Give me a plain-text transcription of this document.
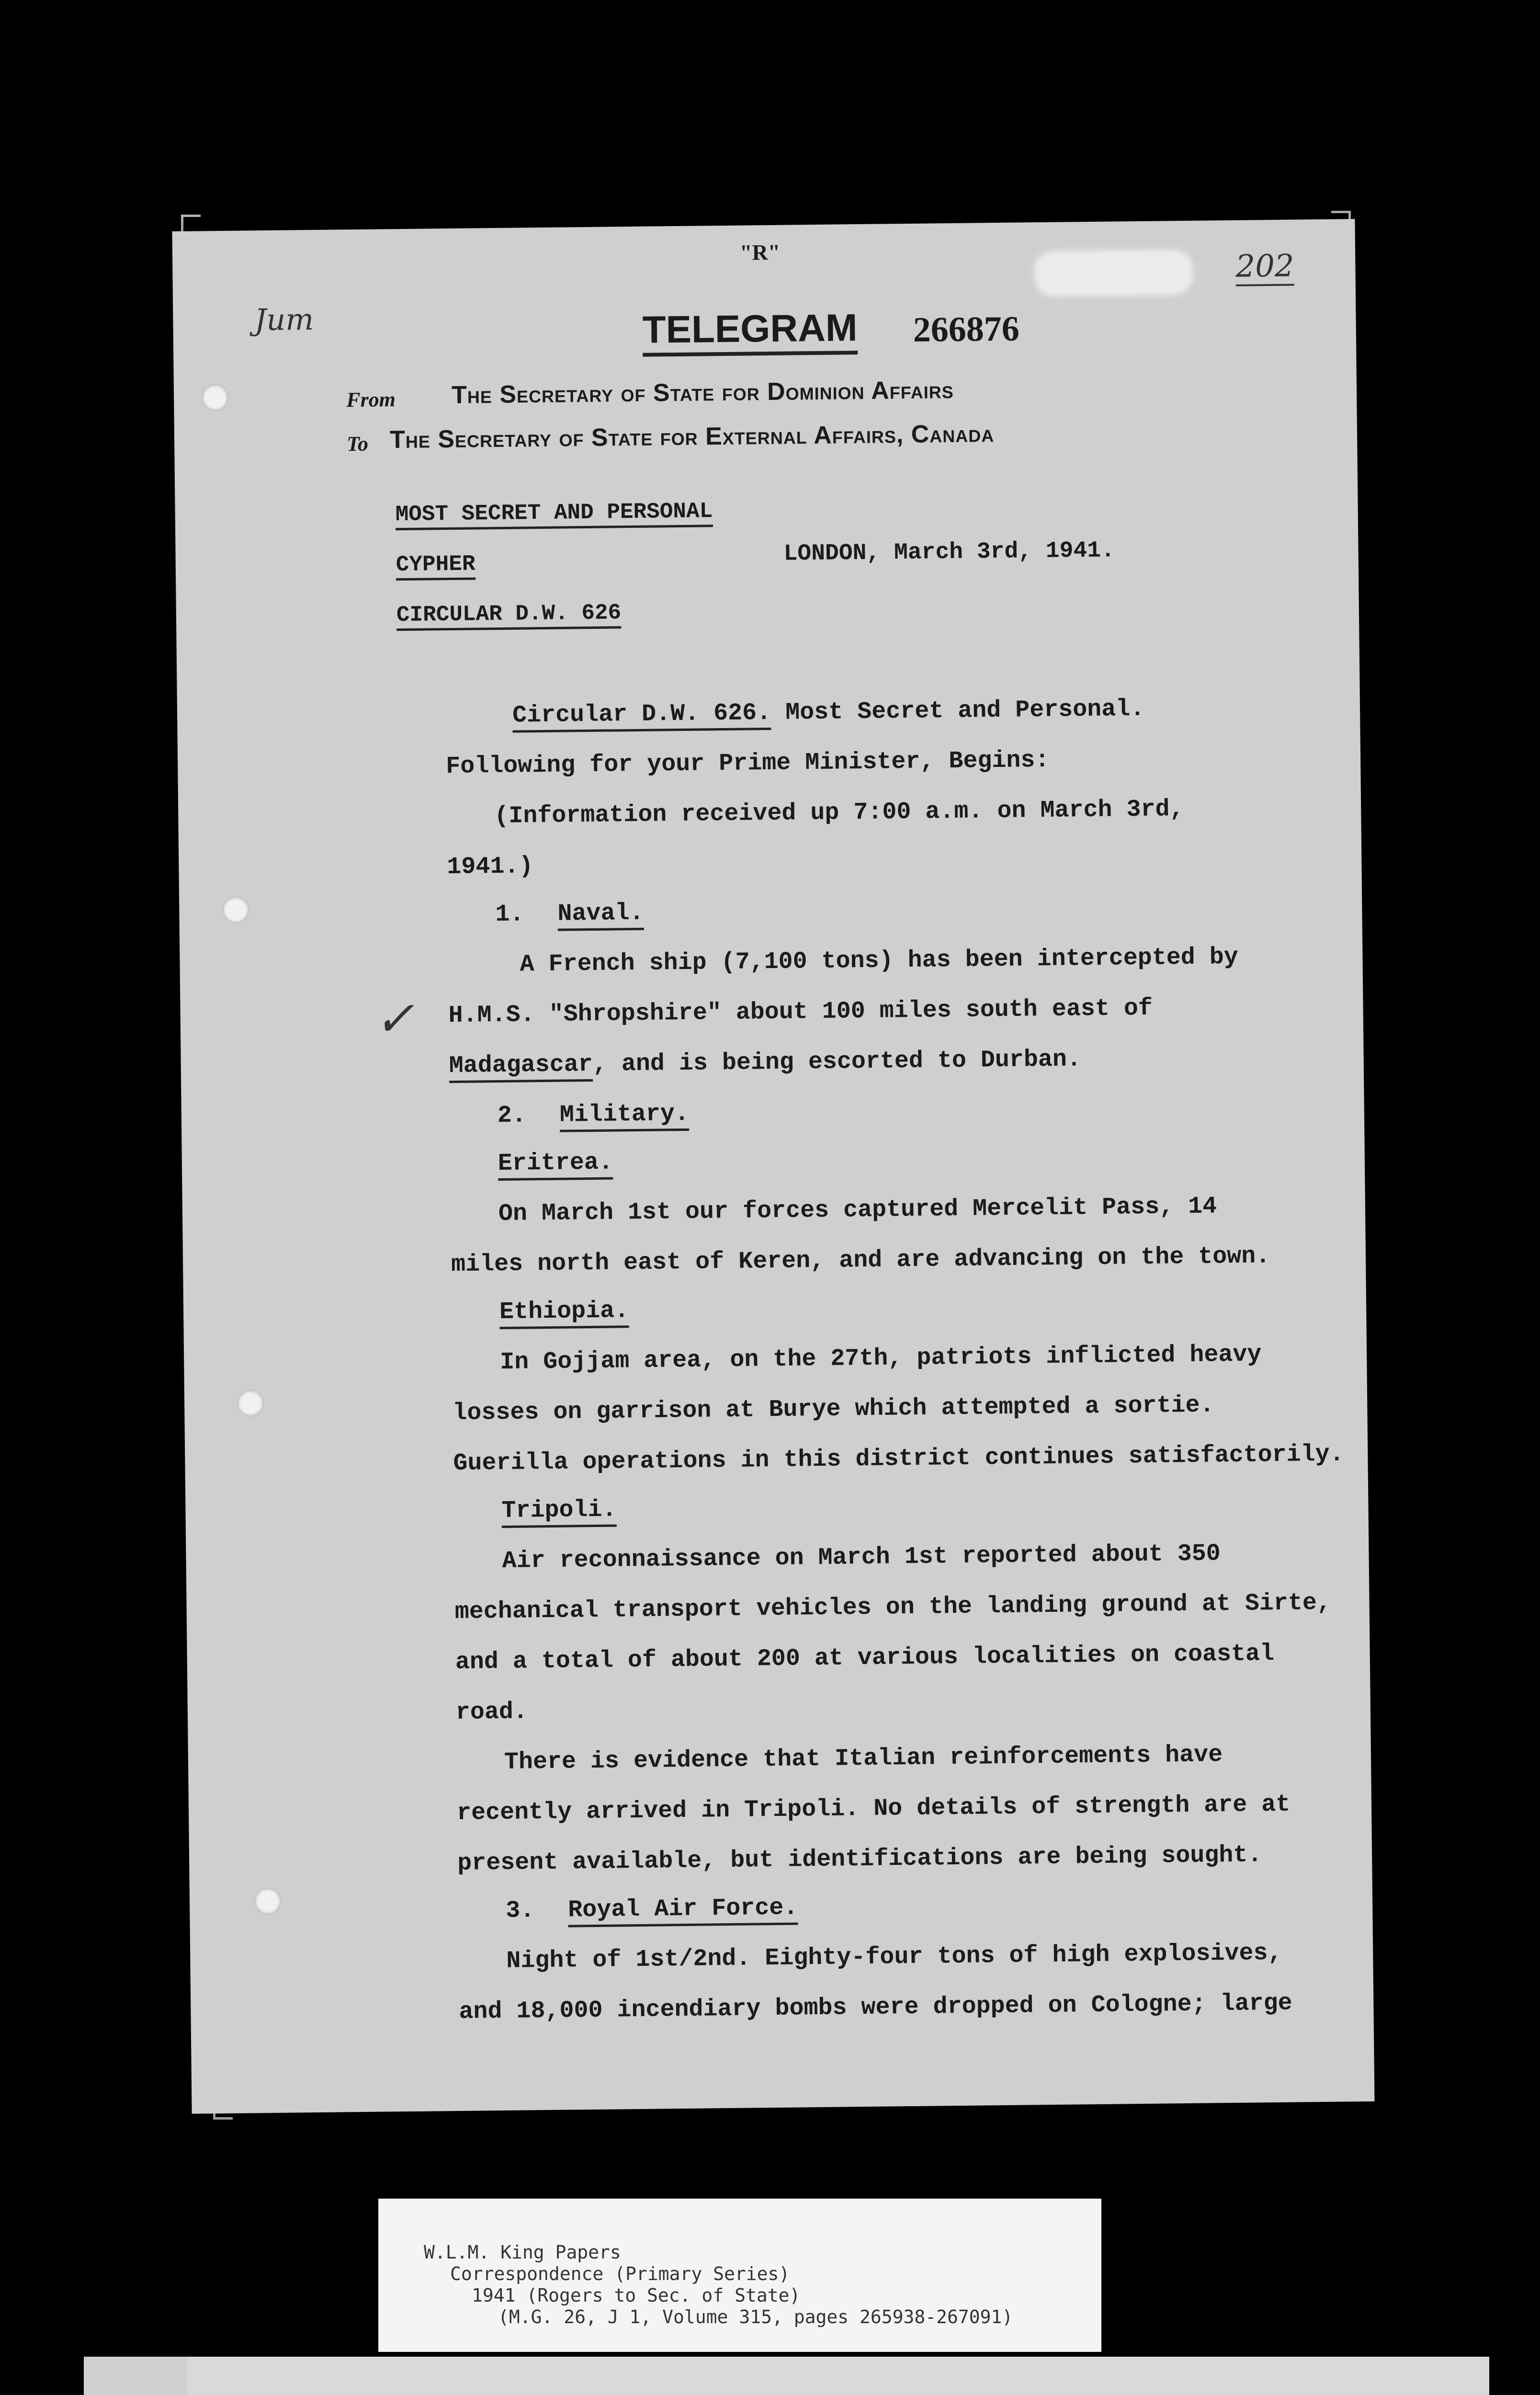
"R"	202
Jum	TELEGRAM 266876
From The Secretary of State for Dominion Affairs
To The Secretary of State for External Affairs, Canada
MOST SECRET AND PERSONAL
CYPHER
CIRCULAR D.W. 626
LONDON, March 3rd, 1941.
Circular D.W. 626. Most Secret and Personal.
Following for your Prime Minister, Begins:
(Information received up 7:00 a.m. on March 3rd,
1941.)
1. Naval.
A French ship (7,100 tons) has been intercepted by
✓ H.M.S. "Shropshire" about 100 miles south east of
Madagascar, and is being escorted to Durban.
2. Military.
Eritrea.
On March 1st our forces captured Mercelit Pass, 14
miles north east of Keren, and are advancing on the town.
Ethiopia.
In Gojjam area, on the 27th, patriots inflicted heavy
losses on garrison at Burye which attempted a sortie.
Guerilla operations in this district continues satisfactorily.
Tripoli.
Air reconnaissance on March 1st reported about 350
mechanical transport vehicles on the landing ground at Sirte,
and a total of about 200 at various localities on coastal
road.
There is evidence that Italian reinforcements have
recently arrived in Tripoli. No details of strength are at
present available, but identifications are being sought.
3. Royal Air Force.
Night of 1st/2nd. Eighty-four tons of high explosives,
and 18,000 incendiary bombs were dropped on Cologne; large
W.L.M. King Papers
Correspondence (Primary Series)
1941 (Rogers to Sec. of State)
(M.G. 26, J 1, Volume 315, pages 265938-267091)
